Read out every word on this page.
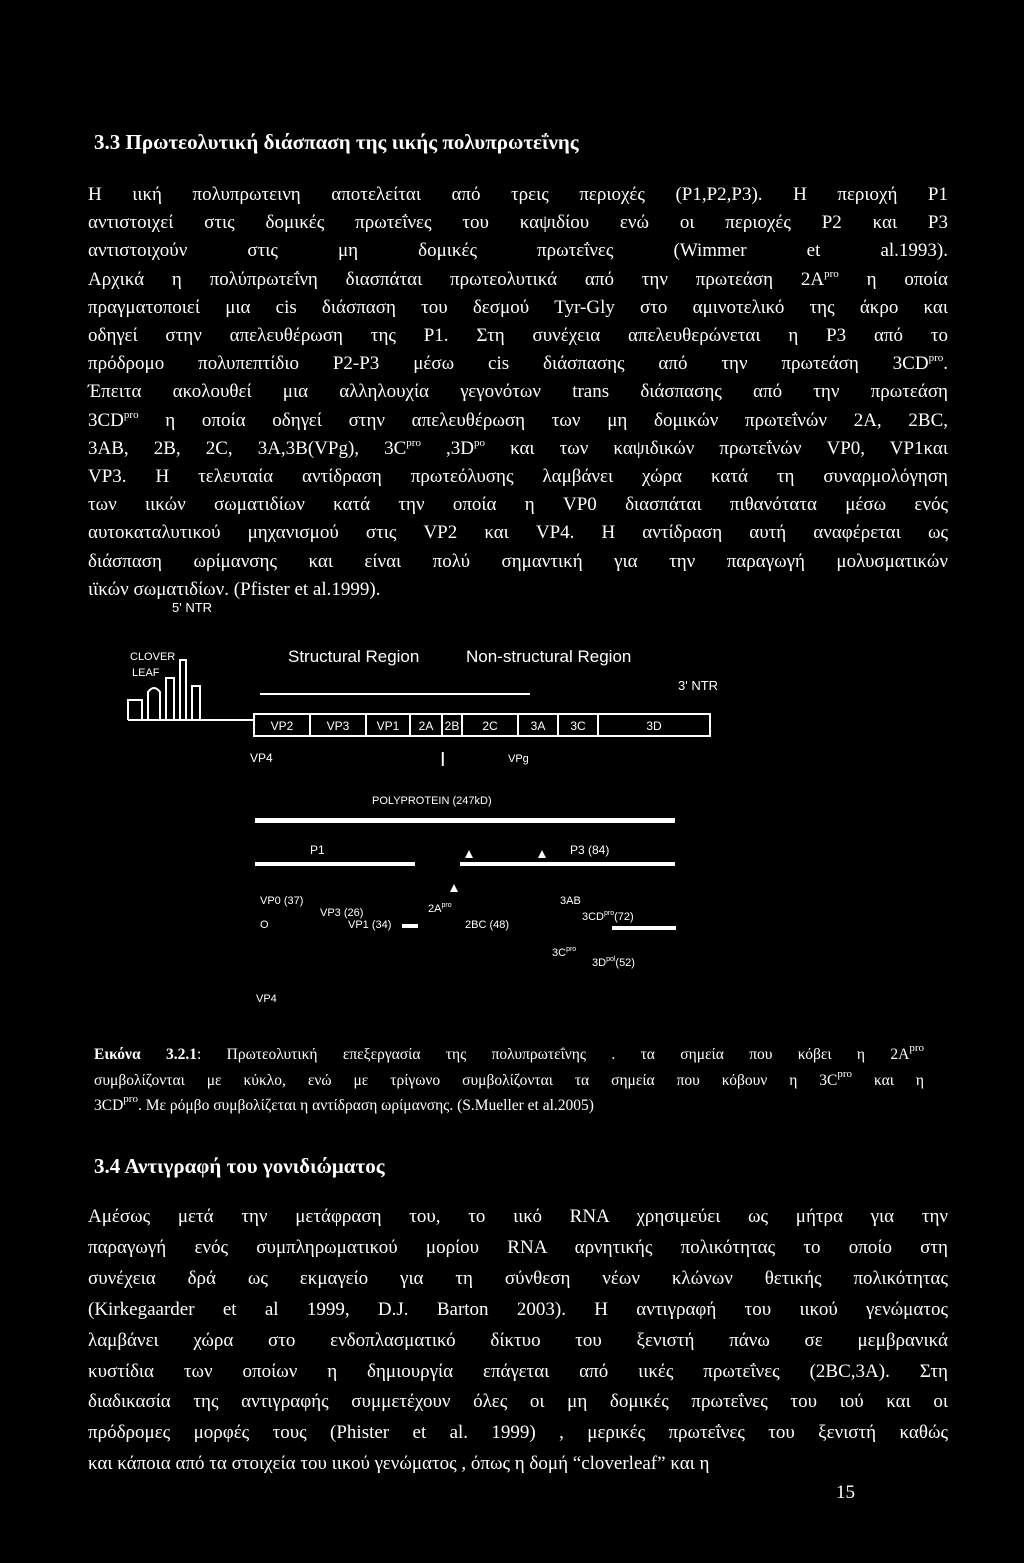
3.3 Πρωτεολυτική διάσπαση της ιικής πολυπρωτεΐνης
Η ιική πολυπρωτεινη αποτελείται από τρεις περιοχές (P1,P2,P3). Η περιοχή P1
αντιστοιχεί στις δομικές πρωτεΐνες του καψιδίου ενώ οι περιοχές P2 και P3
αντιστοιχούν στις μη δομικές πρωτεΐνες (Wimmer et al.1993).
Αρχικά η πολύπρωτεΐνη διασπάται πρωτεολυτικά από την πρωτεάση $2A^{pro}$ η οποία
πραγματοποιεί μια cis διάσπαση του δεσμού Tyr-Gly στο αμινοτελικό της άκρο και
οδηγεί στην απελευθέρωση της P1. Στη συνέχεια απελευθερώνεται η P3 από το
πρόδρομο πολυπεπτίδιο P2-P3 μέσω cis διάσπασης από την πρωτεάση $3CD^{pro}$.
Έπειτα ακολουθεί μια αλληλουχία γεγονότων trans διάσπασης από την πρωτεάση
$3CD^{pro}$ η οποία οδηγεί στην απελευθέρωση των μη δομικών πρωτεΐνών 2A, 2BC,
3AB, 2B, 2C, 3A,3B(VPg), $3C^{pro}$ $,3D^{po}$ και των καψιδικών πρωτεΐνών VP0, VP1και
VP3. Η τελευταία αντίδραση πρωτεόλυσης λαμβάνει χώρα κατά τη συναρμολόγηση
των ιικών σωματιδίων κατά την οποία η VP0 διασπάται πιθανότατα μέσω ενός
αυτοκαταλυτικού μηχανισμού στις VP2 και VP4. Η αντίδραση αυτή αναφέρεται ως
διάσπαση ωρίμανσης και είναι πολύ σημαντική για την παραγωγή μολυσματικών
ιϊκών σωματιδίων. (Pfister et al.1999).
5' NTR
CLOVER
LEAF
Structural Region	Non-structural Region
3' NTR
VP2	VP3 VP1 2A 2B 2C	3A 3C	3D
VP4	I	VPg
POLYPROTEIN (247kD)
P1	P3 (84)
VP0 (37)
VP3 (26)
VP1 (34)
$2A^{pro}$
2BC (48)
3AB
$3CD^{pro}(72)$
O
$3C^{pro}$
$3D^{pol}(52)$
VP4
Εικόνα 3.2.1: Πρωτεολυτική επεξεργασία της πολυπρωτεΐνης . τα σημεία που κόβει η $2A^{pro}$
συμβολίζονται με κύκλο, ενώ με τρίγωνο συμβολίζονται τα σημεία που κόβουν η $3C^{pro}$ και η
$3CD^{pro}$. Με ρόμβο συμβολίζεται η αντίδραση ωρίμανσης. (S.Mueller et al.2005)
3.4 Αντιγραφή του γονιδιώματος
Αμέσως μετά την μετάφραση του, το ιικό RNA χρησιμεύει ως μήτρα για την
παραγωγή ενός συμπληρωματικού μορίου RNA αρνητικής πολικότητας το οποίο στη
συνέχεια δρά ως εκμαγείο για τη σύνθεση νέων κλώνων θετικής πολικότητας
(Kirkegaarder et al 1999, D.J. Barton 2003). Η αντιγραφή του ιικού γενώματος
λαμβάνει χώρα στο ενδοπλασματικό δίκτυο του ξενιστή πάνω σε μεμβρανικά
κυστίδια των οποίων η δημιουργία επάγεται από ιικές πρωτεΐνες (2BC,3A). Στη
διαδικασία της αντιγραφής συμμετέχουν όλες οι μη δομικές πρωτεΐνες του ιού και οι
πρόδρομες μορφές τους (Phister et al. 1999) , μερικές πρωτεΐνες του ξενιστή καθώς
και κάποια από τα στοιχεία του ιικού γενώματος , όπως η δομή “cloverleaf” και η
15
